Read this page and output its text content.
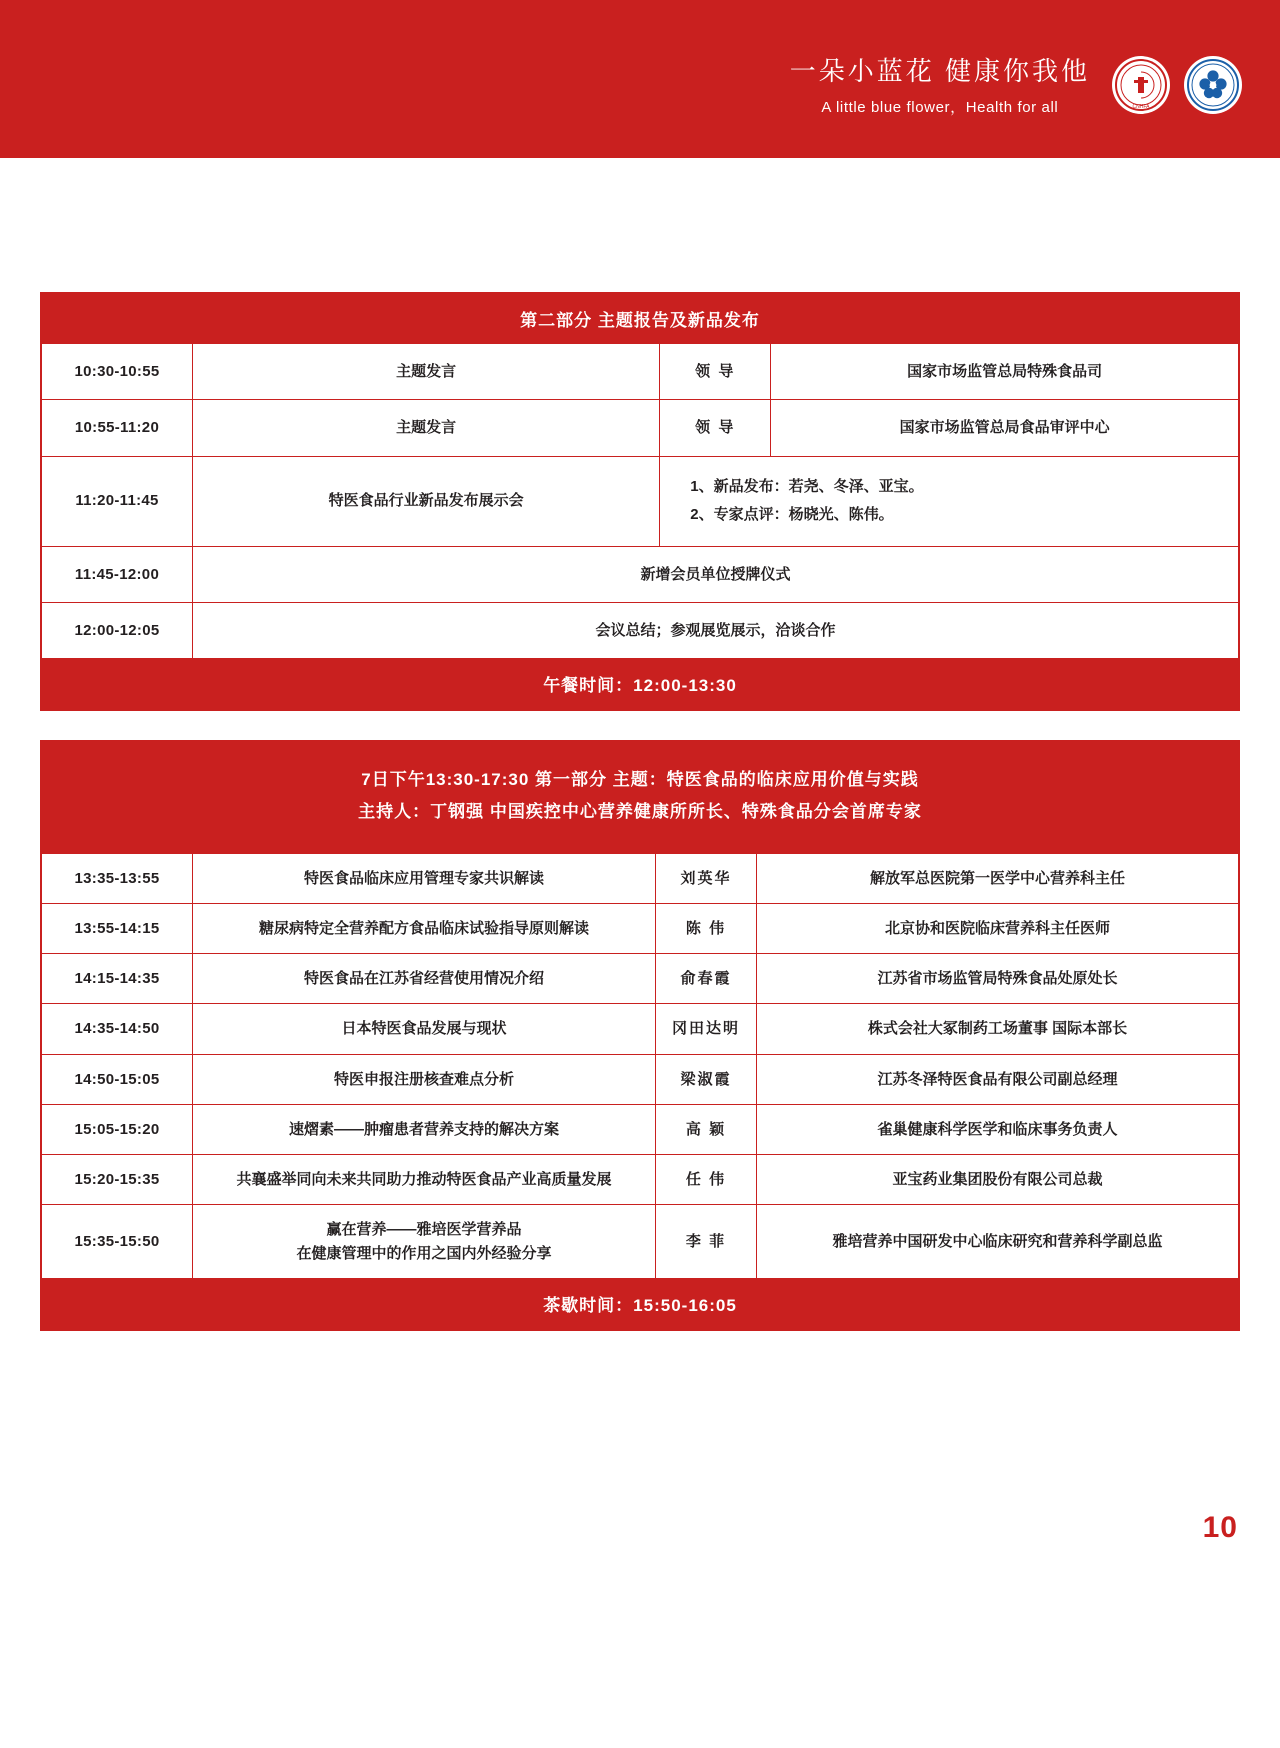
一朵小蓝花 健康你我他
A little blue flower，Health for all	CNHFA
第二部分 主题报告及新品发布
10:30-10:55	主题发言	领 导	国家市场监管总局特殊食品司
10:55-11:20	主题发言	领 导	国家市场监管总局食品审评中心
11:20-11:45	特医食品行业新品发布展示会	1、新品发布：若尧、冬泽、亚宝。
2、专家点评：杨晓光、陈伟。	

11:45-12:00	新增会员单位授牌仪式		
12:00-12:05	会议总结；参观展览展示，洽谈合作		
午餐时间：12:00-13:30
7日下午13:30-17:30 第一部分 主题：特医食品的临床应用价值与实践
主持人：丁钢强 中国疾控中心营养健康所所长、特殊食品分会首席专家
13:35-13:55	特医食品临床应用管理专家共识解读	刘英华	解放军总医院第一医学中心营养科主任
13:55-14:15	糖尿病特定全营养配方食品临床试验指导原则解读	陈 伟	北京协和医院临床营养科主任医师
14:15-14:35	特医食品在江苏省经营使用情况介绍	俞春霞	江苏省市场监管局特殊食品处原处长
14:35-14:50	日本特医食品发展与现状	冈田达明	株式会社大冢制药工场董事 国际本部长
14:50-15:05	特医申报注册核查难点分析	梁淑霞	江苏冬泽特医食品有限公司副总经理
15:05-15:20	速熠素——肿瘤患者营养支持的解决方案	高 颖	雀巢健康科学医学和临床事务负责人
15:20-15:35	共襄盛举同向未来共同助力推动特医食品产业高质量发展	任 伟	亚宝药业集团股份有限公司总裁
15:35-15:50	赢在营养——雅培医学营养品
在健康管理中的作用之国内外经验分享	李 菲	雅培营养中国研发中心临床研究和营养科学副总监
茶歇时间：15:50-16:05
10
